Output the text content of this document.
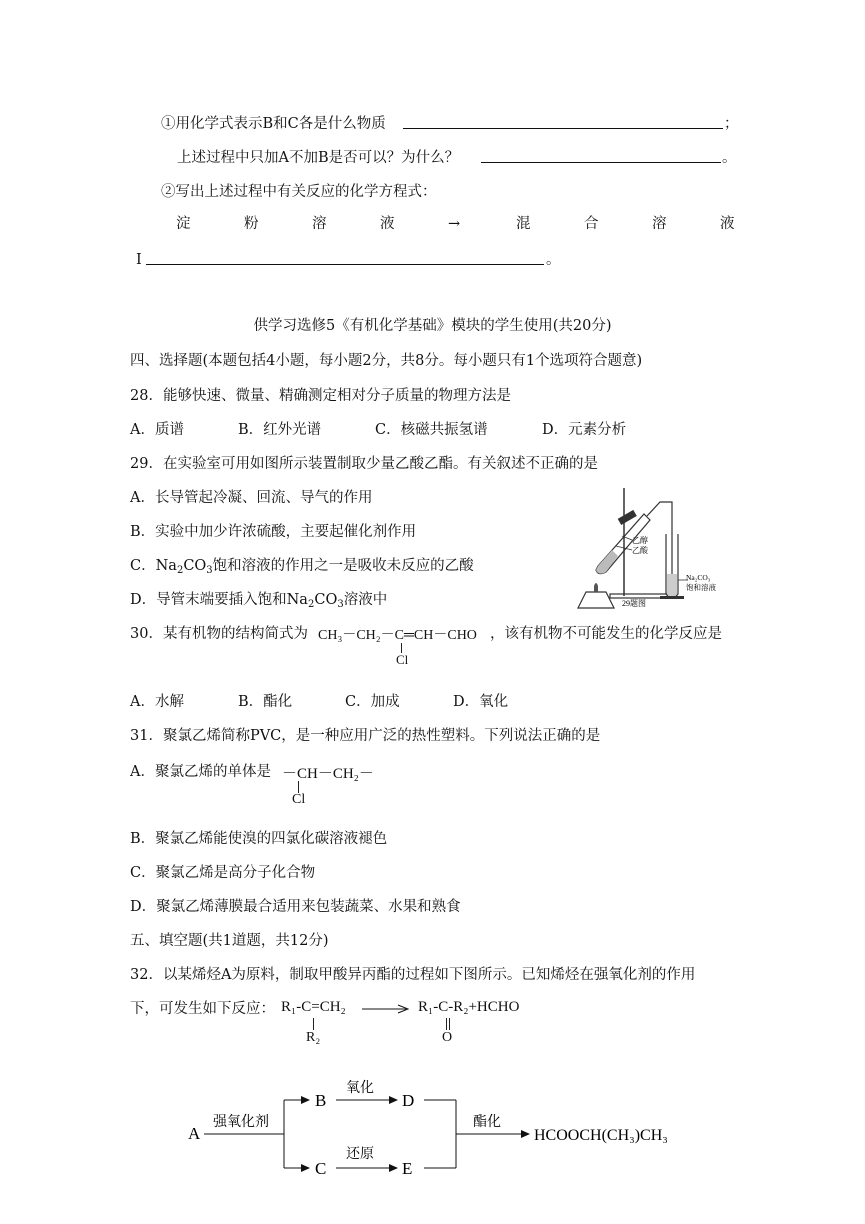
①用化学式表示B和C各是什么物质	；
上述过程中只加A不加B是否可以？为什么？	。
②写出上述过程中有关反应的化学方程式：
淀	粉	溶	液	→	混	合	溶	液
I	。
供学习选修5《有机化学基础》模块的学生使用(共20分)
四、选择题(本题包括4小题，每小题2分，共8分。每小题只有1个选项符合题意)
28．能够快速、微量、精确测定相对分子质量的物理方法是
A．质谱	B．红外光谱	C．核磁共振氢谱	D．元素分析
29．在实验室可用如图所示装置制取少量乙酸乙酯。有关叙述不正确的是
A．长导管起冷凝、回流、导气的作用
B．实验中加少许浓硫酸，主要起催化剂作用
C．$Na_2CO_3$饱和溶液的作用之一是吸收未反应的乙酸
D．导管末端要插入饱和$Na_2CO_3$溶液中
乙醇
乙酸
Na₂CO₃
饱和溶液
29题图
30．某有机物的结构简式为 CH₃－CH₂－C═CH－CHO
Cl
，该有机物不可能发生的化学反应是
A．水解	B．酯化	C．加成	D．氧化
31．聚氯乙烯简称PVC，是一种应用广泛的热性塑料。下列说法正确的是
A．聚氯乙烯的单体是 －CH－CH₂－
Cl
B．聚氯乙烯能使溴的四氯化碳溶液褪色
C．聚氯乙烯是高分子化合物
D．聚氯乙烯薄膜最合适用来包装蔬菜、水果和熟食
五、填空题(共1道题，共12分)
32．以某烯烃A为原料，制取甲酸异丙酯的过程如下图所示。已知烯烃在强氧化剂的作用
下，可发生如下反应： R₁-C=CH₂
R₂
→ R₁-C-R₂+HCHO
O
A
强氧化剂
B
C
氧化
还原
D
E
酯化
HCOOCH(CH₃)CH₃
